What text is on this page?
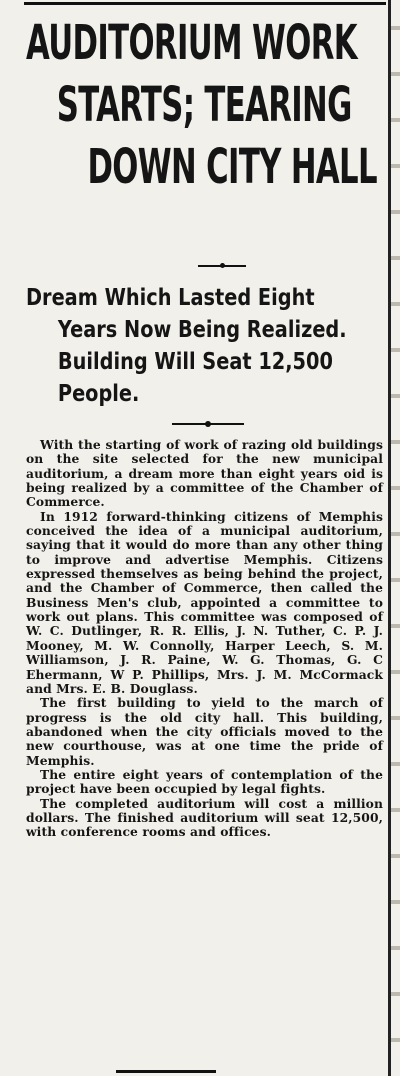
AUDITORIUM WORK
STARTS; TEARING
DOWN CITY HALL
Dream Which Lasted Eight
Years Now Being Realized.
Building Will Seat 12,500
People.

With the starting of work of razing old buildings on the site selected for the new municipal auditorium, a dream more than eight years oid is being realized by a committee of the Chamber of Commerce.

In 1912 forward-thinking citizens of Memphis conceived the idea of a municipal auditorium, saying that it would do more than any other thing to improve and advertise Memphis. Citizens expressed themselves as being behind the project, and the Chamber of Commerce, then called the Business Men's club, appointed a committee to work out plans. This committee was composed of W. C. Dutlinger, R. R. Ellis, J. N. Tuther, C. P. J. Mooney, M. W. Connolly, Harper Leech, S. M. Williamson, J. R. Paine, W. G. Thomas, G. C Ehermann, W P. Phillips, Mrs. J. M. McCormack and Mrs. E. B. Douglass.

The first building to yield to the march of progress is the old city hall. This building, abandoned when the city officials moved to the new courthouse, was at one time the pride of Memphis.

The entire eight years of contemplation of the project have been occupied by legal fights.

The completed auditorium will cost a million dollars. The finished auditorium will seat 12,500, with conference rooms and offices.
